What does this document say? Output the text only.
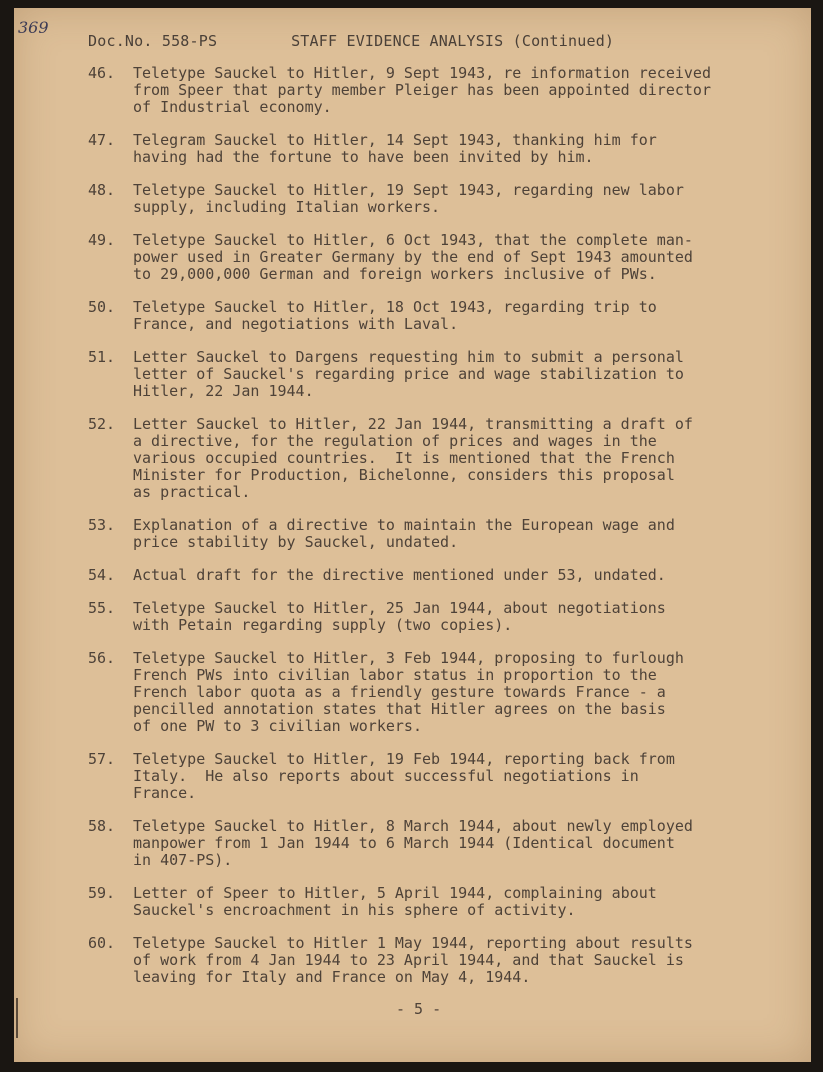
369
Doc.No. 558-PS        STAFF EVIDENCE ANALYSIS (Continued)
46. Teletype Sauckel to Hitler, 9 Sept 1943, re information received
from Speer that party member Pleiger has been appointed director
of Industrial economy.
47. Telegram Sauckel to Hitler, 14 Sept 1943, thanking him for
having had the fortune to have been invited by him.
48. Teletype Sauckel to Hitler, 19 Sept 1943, regarding new labor
supply, including Italian workers.
49. Teletype Sauckel to Hitler, 6 Oct 1943, that the complete man-
power used in Greater Germany by the end of Sept 1943 amounted
to 29,000,000 German and foreign workers inclusive of PWs.
50. Teletype Sauckel to Hitler, 18 Oct 1943, regarding trip to
France, and negotiations with Laval.
51. Letter Sauckel to Dargens requesting him to submit a personal
letter of Sauckel's regarding price and wage stabilization to
Hitler, 22 Jan 1944.
52. Letter Sauckel to Hitler, 22 Jan 1944, transmitting a draft of
a directive, for the regulation of prices and wages in the
various occupied countries.  It is mentioned that the French
Minister for Production, Bichelonne, considers this proposal
as practical.
53. Explanation of a directive to maintain the European wage and
price stability by Sauckel, undated.
54. Actual draft for the directive mentioned under 53, undated.
55. Teletype Sauckel to Hitler, 25 Jan 1944, about negotiations
with Petain regarding supply (two copies).
56. Teletype Sauckel to Hitler, 3 Feb 1944, proposing to furlough
French PWs into civilian labor status in proportion to the
French labor quota as a friendly gesture towards France - a
pencilled annotation states that Hitler agrees on the basis
of one PW to 3 civilian workers.
57. Teletype Sauckel to Hitler, 19 Feb 1944, reporting back from
Italy.  He also reports about successful negotiations in
France.
58. Teletype Sauckel to Hitler, 8 March 1944, about newly employed
manpower from 1 Jan 1944 to 6 March 1944 (Identical document
in 407-PS).
59. Letter of Speer to Hitler, 5 April 1944, complaining about
Sauckel's encroachment in his sphere of activity.
60. Teletype Sauckel to Hitler 1 May 1944, reporting about results
of work from 4 Jan 1944 to 23 April 1944, and that Sauckel is
leaving for Italy and France on May 4, 1944.
- 5 -
